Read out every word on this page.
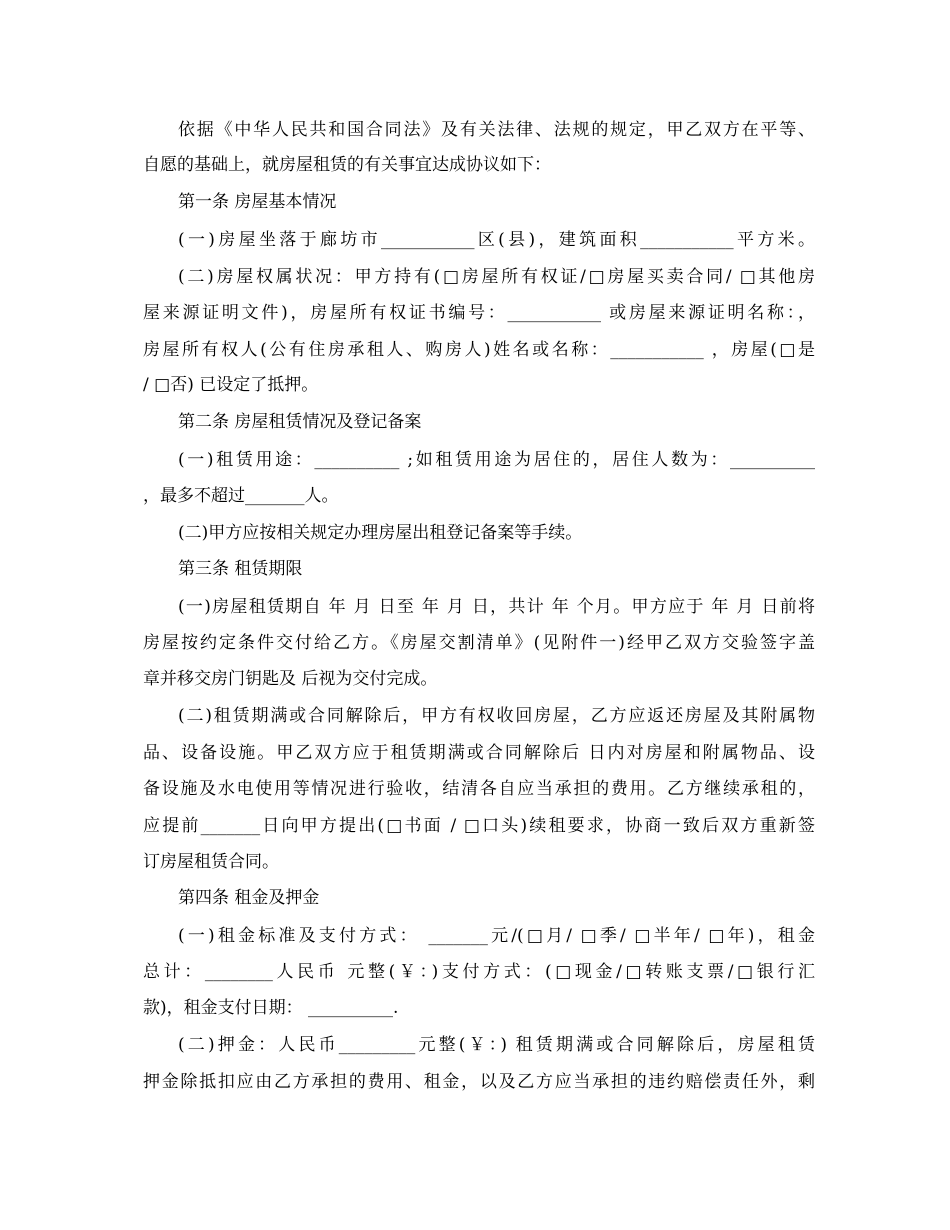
依据《中华人民共和国合同法》及有关法律、法规的规定，甲乙双方在平等、
自愿的基础上，就房屋租赁的有关事宜达成协议如下：
第一条 房屋基本情况
(一)房屋坐落于廊坊市___________区(县)，建筑面积___________平方米。
(二)房屋权属状况：甲方持有(□房屋所有权证/□房屋买卖合同/ □其他房
屋来源证明文件)，房屋所有权证书编号：___________ 或房屋来源证明名称：，
房屋所有权人(公有住房承租人、购房人)姓名或名称：___________ ，房屋(□是
/ □否) 已设定了抵押。
第二条 房屋租赁情况及登记备案
(一)租赁用途：__________ ;如租赁用途为居住的，居住人数为：__________
，最多不超过_______人。
(二)甲方应按相关规定办理房屋出租登记备案等手续。
第三条 租赁期限
(一)房屋租赁期自 年 月 日至 年 月 日，共计 年 个月。甲方应于 年 月 日前将
房屋按约定条件交付给乙方。《房屋交割清单》(见附件一)经甲乙双方交验签字盖
章并移交房门钥匙及 后视为交付完成。
(二)租赁期满或合同解除后，甲方有权收回房屋，乙方应返还房屋及其附属物
品、设备设施。甲乙双方应于租赁期满或合同解除后 日内对房屋和附属物品、设
备设施及水电使用等情况进行验收，结清各自应当承担的费用。乙方继续承租的，
应提前_______日向甲方提出(□书面 / □口头)续租要求，协商一致后双方重新签
订房屋租赁合同。
第四条 租金及押金
(一)租金标准及支付方式： _______元/(□月/ □季/ □半年/ □年)，租金
总计：________人民币 元整(￥：)支付方式：(□现金/□转账支票/□银行汇
款)，租金支付日期： __________.
(二)押金：人民币_________元整(￥：) 租赁期满或合同解除后，房屋租赁
押金除抵扣应由乙方承担的费用、租金，以及乙方应当承担的违约赔偿责任外，剩
